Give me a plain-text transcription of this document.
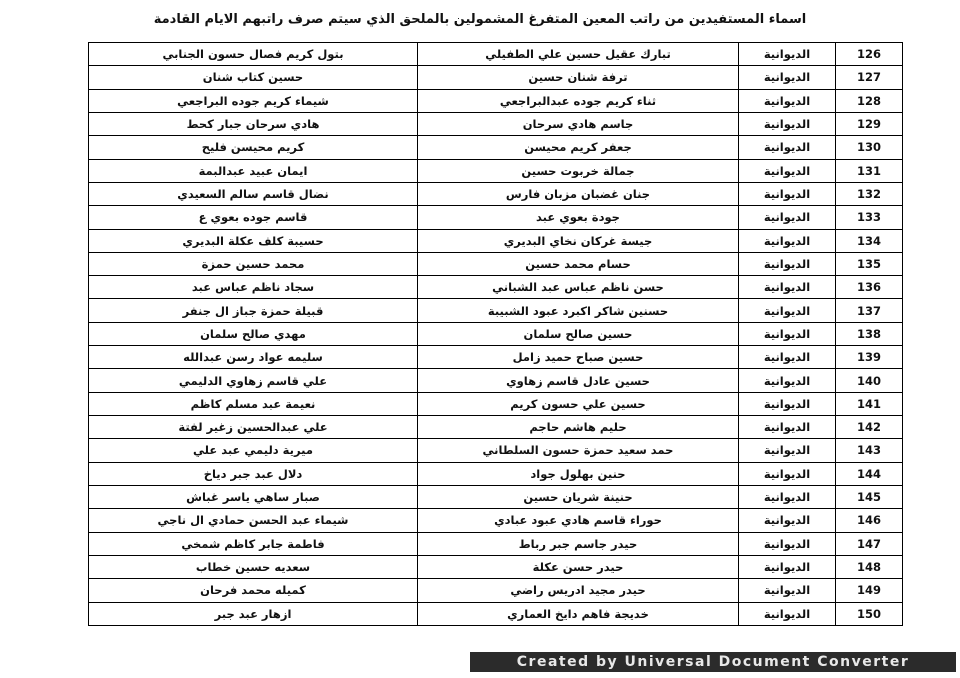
اسماء المستفيدين من راتب المعين المتفرغ المشمولين بالملحق الذي سيتم صرف راتبهم الايام القادمة
126	الديوانية	تبارك عقيل حسين علي الطفيلي	بتول كريم فصال حسون الجنابي
127	الديوانية	ترفة شنان حسين	حسين كتاب شنان
128	الديوانية	ثناء كريم جوده عبدالبراجعي	شيماء كريم جوده البراجعي
129	الديوانية	جاسم هادي سرحان	هادي سرحان جبار كحط
130	الديوانية	جعفر كريم محيسن	كريم محيسن فليح
131	الديوانية	جمالة خربوت حسين	ايمان عبيد عبدالبمة
132	الديوانية	جنان غضبان مزبان فارس	نضال قاسم سالم السعيدي
133	الديوانية	جودة بعوي عبد	قاسم جوده بعوي ع
134	الديوانية	جيسة غركان نخاي البديري	حسيبة كلف عكلة البديري
135	الديوانية	حسام محمد حسين	محمد حسين حمزة
136	الديوانية	حسن ناظم عباس عبد الشباني	سجاد ناظم عباس عبد
137	الديوانية	حسنين شاكر اكبرد عبود الشبيبة	قبيلة حمزة جباز ال جنفر
138	الديوانية	حسين صالح سلمان	مهدي صالح سلمان
139	الديوانية	حسين صباح حميد زامل	سليمه عواد رسن عبدالله
140	الديوانية	حسين عادل قاسم زهاوي	علي قاسم زهاوي الدليمي
141	الديوانية	حسين علي حسون كريم	نعيمة عبد مسلم كاظم
142	الديوانية	حليم هاشم حاجم	علي عبدالحسين زغير لفتة
143	الديوانية	حمد سعيد حمزة حسون السلطاني	ميرية دليمي عبد علي
144	الديوانية	حنين بهلول جواد	دلال عبد جبر دياخ
145	الديوانية	حنينة شريان حسين	صبار ساهي ياسر غباش
146	الديوانية	حوراء قاسم هادي عبود عبادي	شيماء عبد الحسن حمادي ال ناجي
147	الديوانية	حيدر جاسم جبر رباط	فاطمة جابر كاظم شمخي
148	الديوانية	حيدر حسن عكلة	سعديه حسين خطاب
149	الديوانية	حيدر مجيد ادريس راضي	كميله محمد فرحان
150	الديوانية	خديجة فاهم دايخ العماري	ازهار عبد جبر
Created by Universal Document Converter
